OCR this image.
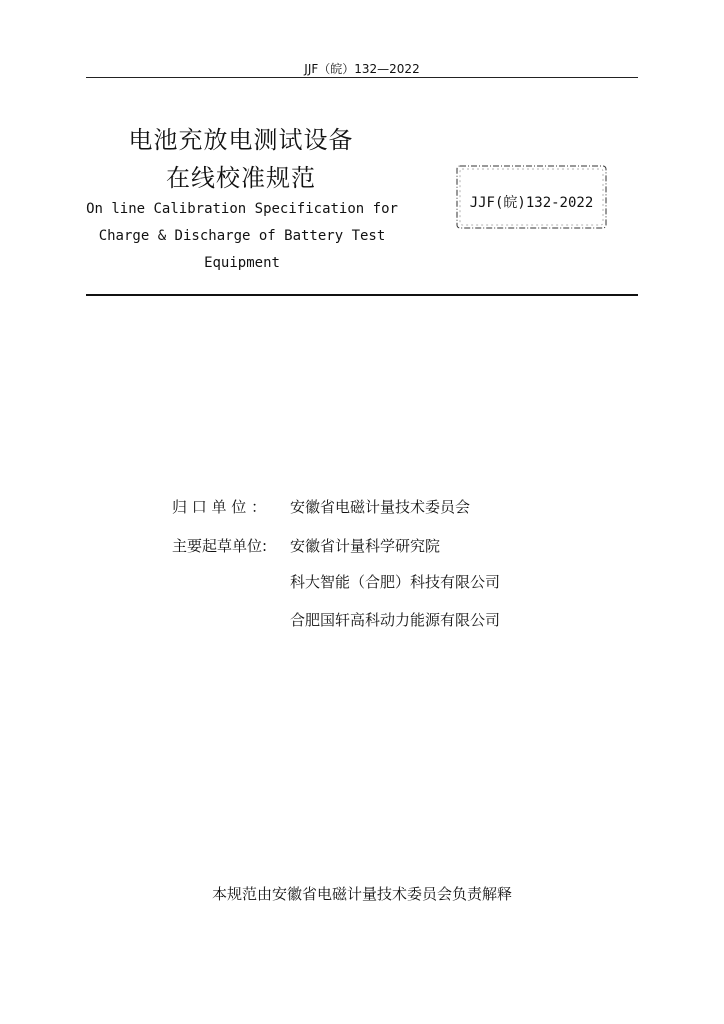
JJF（皖）132—2022
电池充放电测试设备
在线校准规范
On line Calibration Specification for
Charge & Discharge of Battery Test
Equipment
JJF(皖)132-2022
归 口 单 位 ： 安徽省电磁计量技术委员会
主要起草单位: 安徽省计量科学研究院
科大智能（合肥）科技有限公司
合肥国轩高科动力能源有限公司
本规范由安徽省电磁计量技术委员会负责解释
